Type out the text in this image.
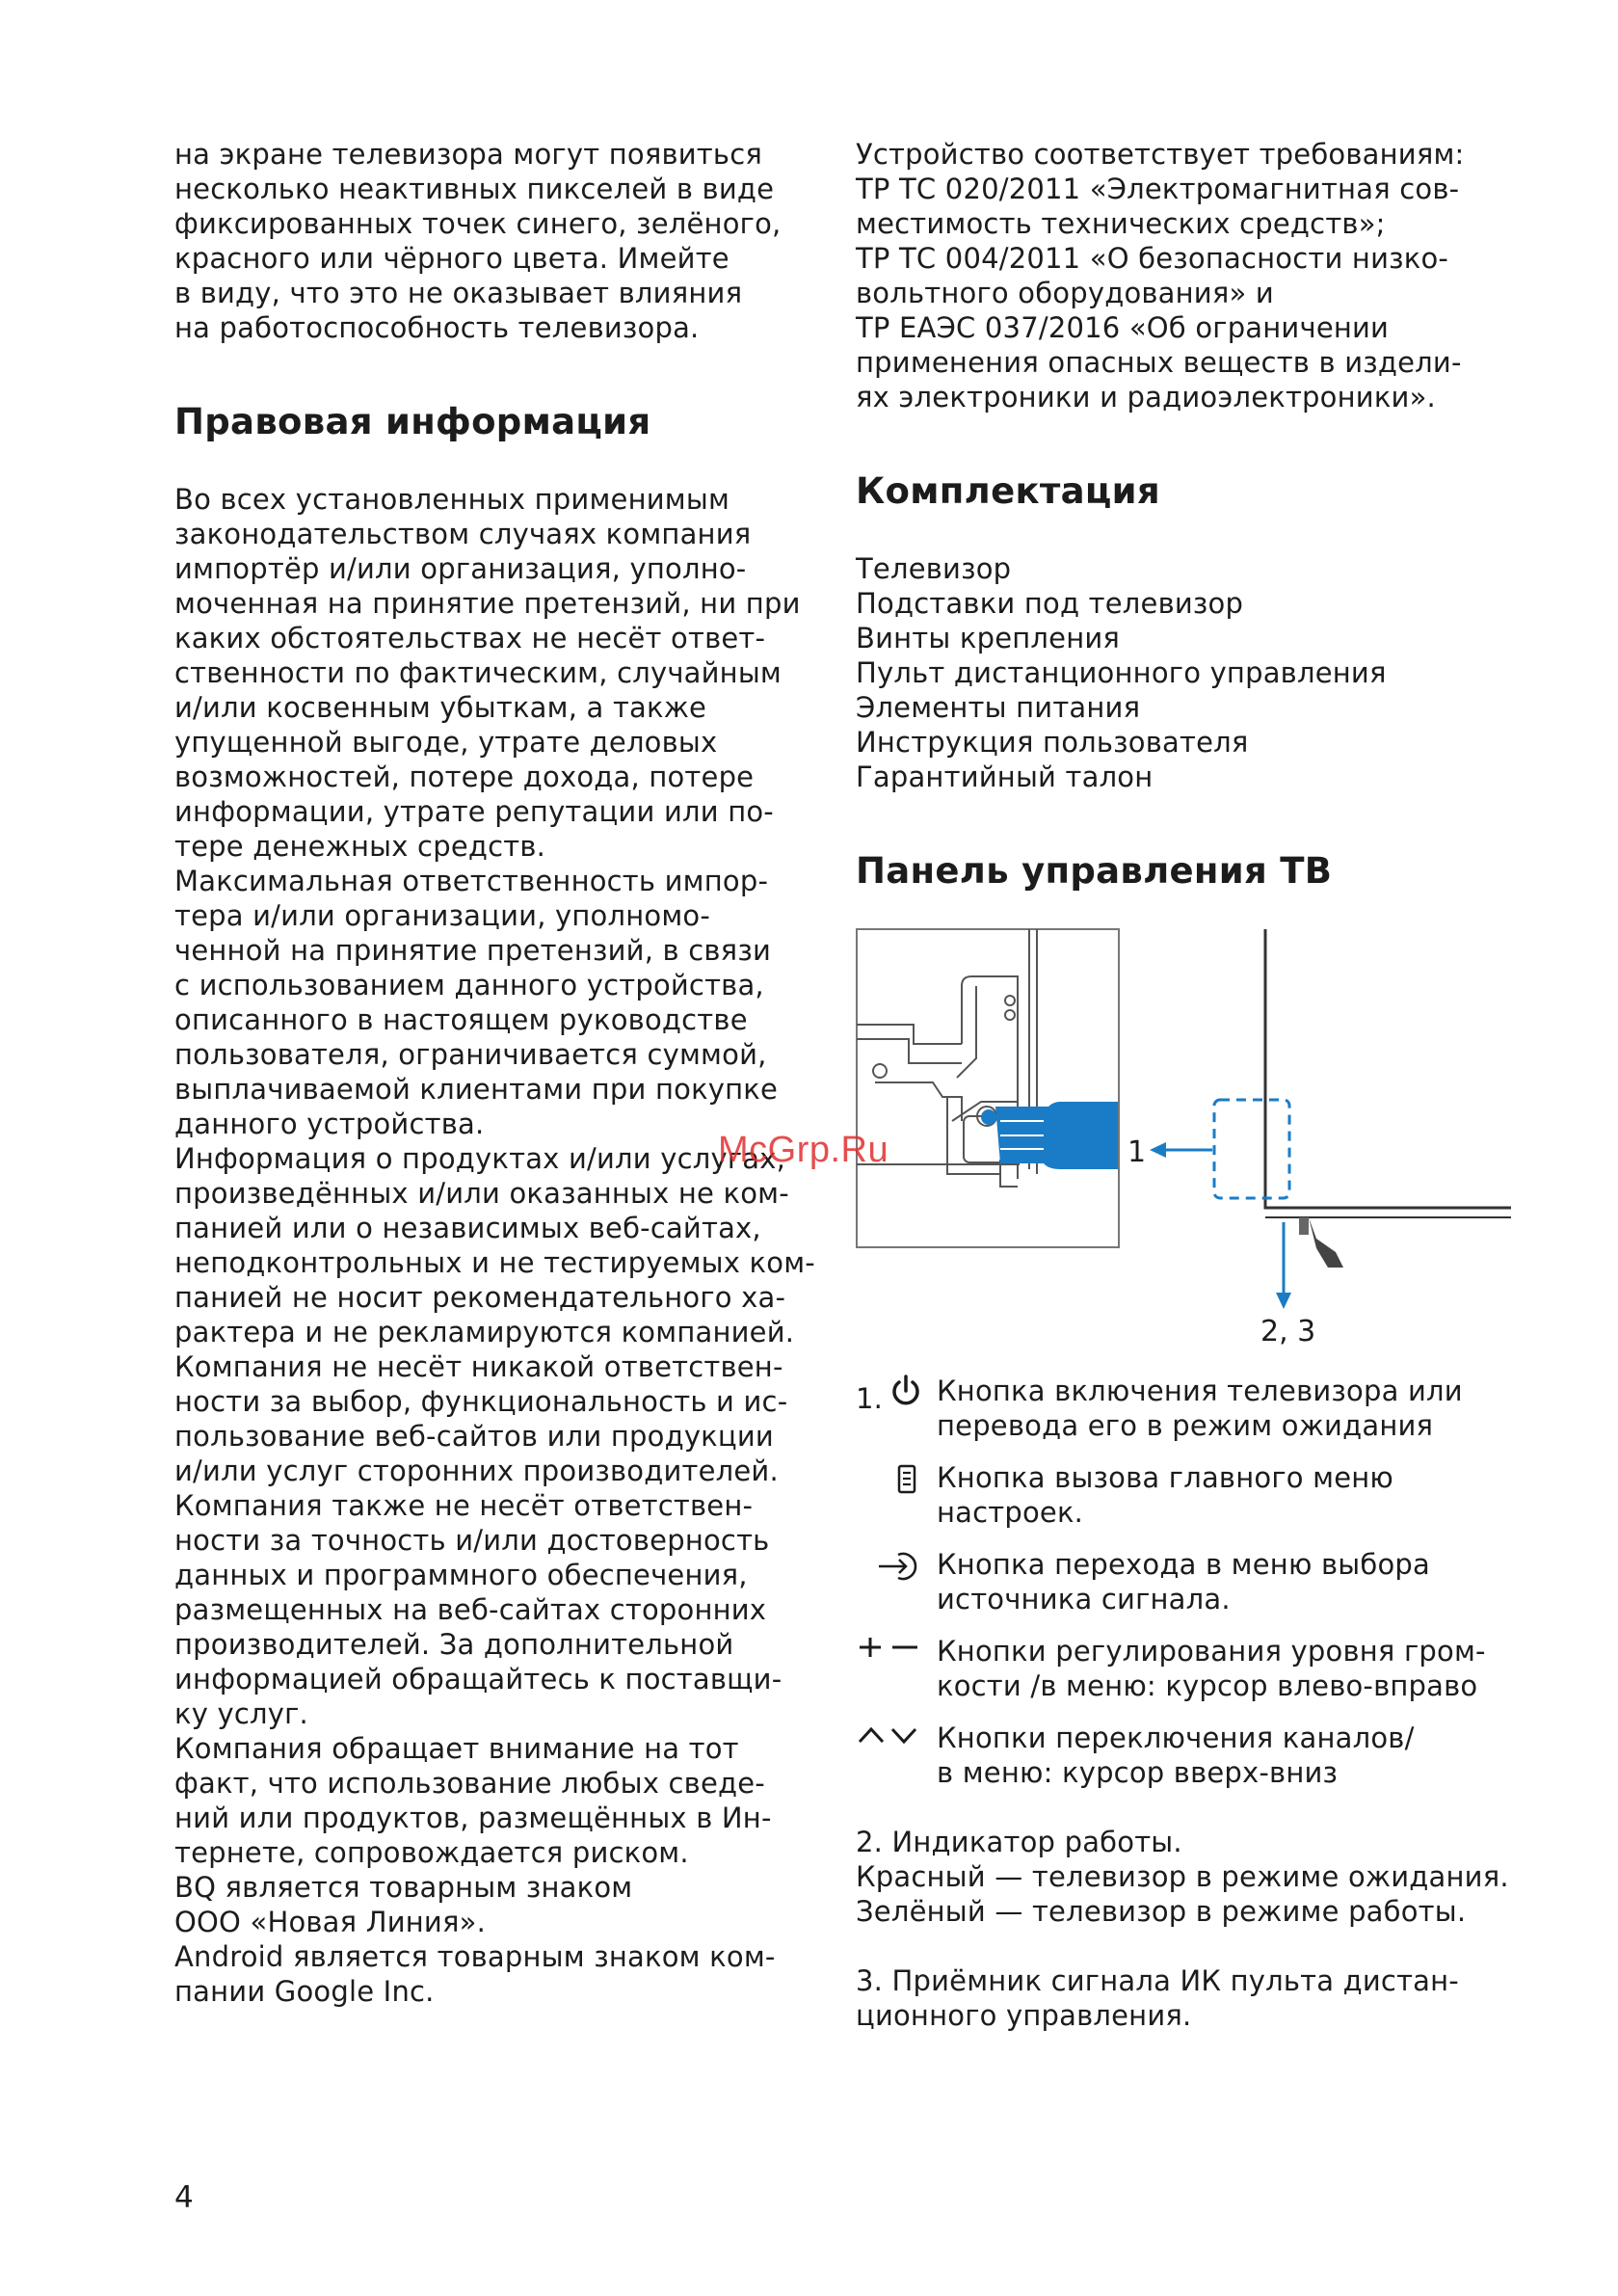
на экране телевизора могут появиться
несколько неактивных пикселей в виде
фиксированных точек синего, зелёного,
красного или чёрного цвета. Имейте
в виду, что это не оказывает влияния
на работоспособность телевизора.
Правовая информация
Во всех установленных применимым
законодательством случаях компания
импортёр и/или организация, уполно-
моченная на принятие претензий, ни при
каких обстоятельствах не несёт ответ-
ственности по фактическим, случайным
и/или косвенным убыткам, а также
упущенной выгоде, утрате деловых
возможностей, потере дохода, потере
информации, утрате репутации или по-
тере денежных средств.
Максимальная ответственность импор-
тера и/или организации, уполномо-
ченной на принятие претензий, в связи
с использованием данного устройства,
описанного в настоящем руководстве
пользователя, ограничивается суммой,
выплачиваемой клиентами при покупке
данного устройства.
Информация о продуктах и/или услугах,
произведённых и/или оказанных не ком-
панией или о независимых веб-сайтах,
неподконтрольных и не тестируемых ком-
панией не носит рекомендательного ха-
рактера и не рекламируются компанией.
Компания не несёт никакой ответствен-
ности за выбор, функциональность и ис-
пользование веб-сайтов или продукции
и/или услуг сторонних производителей.
Компания также не несёт ответствен-
ности за точность и/или достоверность
данных и программного обеспечения,
размещенных на веб-сайтах сторонних
производителей. За дополнительной
информацией обращайтесь к поставщи-
ку услуг.
Компания обращает внимание на тот
факт, что использование любых сведе-
ний или продуктов, размещённых в Ин-
тернете, сопровождается риском.
BQ является товарным знаком
ООО «Новая Линия».
Android является товарным знаком ком-
пании Google Inc.
Устройство соответствует требованиям:
ТР ТС 020/2011 «Электромагнитная сов-
местимость технических средств»;
ТР ТС 004/2011 «О безопасности низко-
вольтного оборудования» и
ТР ЕАЭС 037/2016 «Об ограничении
применения опасных веществ в издели-
ях электроники и радиоэлектроники».
Комплектация
Телевизор
Подставки под телевизор
Винты крепления
Пульт дистанционного управления
Элементы питания
Инструкция пользователя
Гарантийный талон
Панель управления ТВ
1
2, 3
1. Кнопка включения телевизора или
перевода его в режим ожидания
Кнопка вызова главного меню
настроек.
Кнопка перехода в меню выбора
источника сигнала.
Кнопки регулирования уровня гром-
кости /в меню: курсор влево-вправо
Кнопки переключения каналов/
в меню: курсор вверх-вниз
2. Индикатор работы.
Красный — телевизор в режиме ожидания.
Зелёный — телевизор в режиме работы.
3. Приёмник сигнала ИК пульта дистан-
ционного управления.
McGrp.Ru
4
